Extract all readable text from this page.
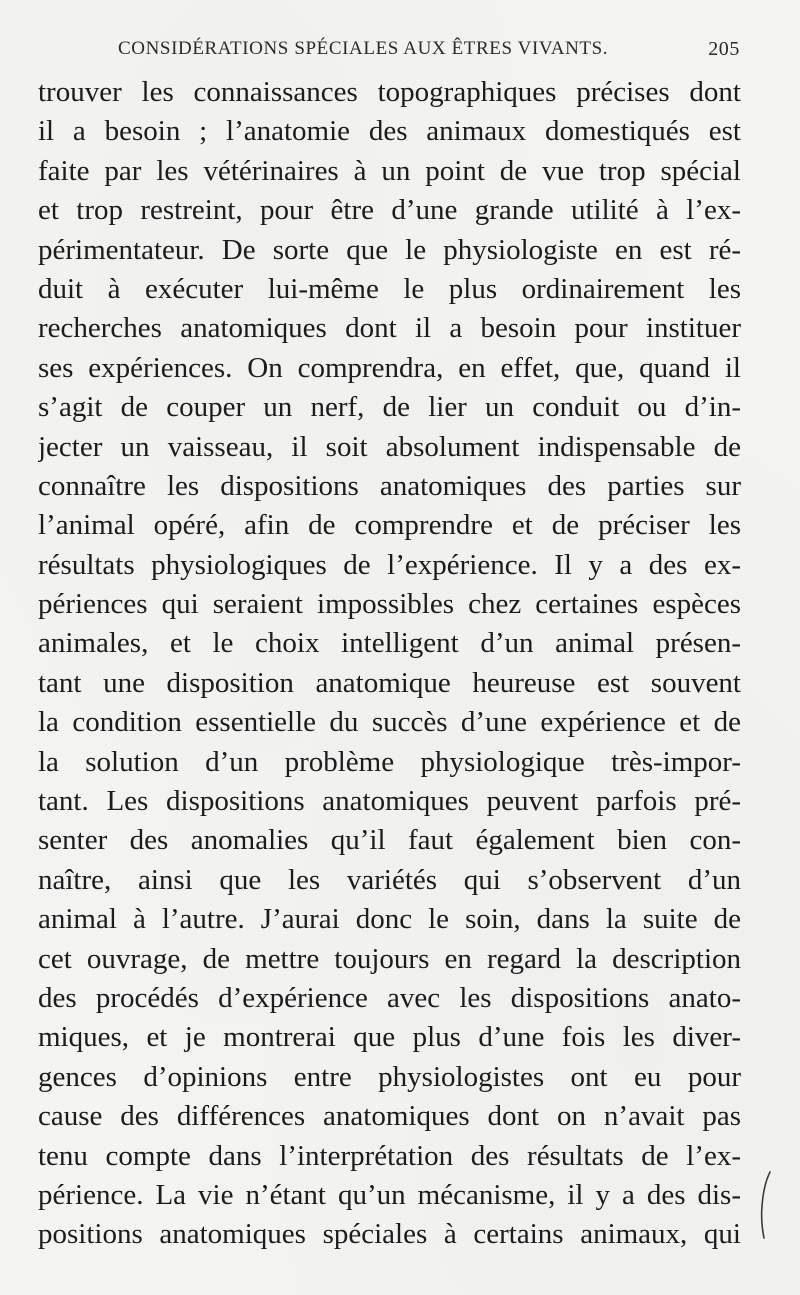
CONSIDÉRATIONS SPÉCIALES AUX ÊTRES VIVANTS.	205
trouver les connaissances topographiques précises dont
il a besoin ; l’anatomie des animaux domestiqués est
faite par les vétérinaires à un point de vue trop spécial
et trop restreint, pour être d’une grande utilité à l’ex-
périmentateur. De sorte que le physiologiste en est ré-
duit à exécuter lui-même le plus ordinairement les
recherches anatomiques dont il a besoin pour instituer
ses expériences. On comprendra, en effet, que, quand il
s’agit de couper un nerf, de lier un conduit ou d’in-
jecter un vaisseau, il soit absolument indispensable de
connaître les dispositions anatomiques des parties sur
l’animal opéré, afin de comprendre et de préciser les
résultats physiologiques de l’expérience. Il y a des ex-
périences qui seraient impossibles chez certaines espèces
animales, et le choix intelligent d’un animal présen-
tant une disposition anatomique heureuse est souvent
la condition essentielle du succès d’une expérience et de
la solution d’un problème physiologique très-impor-
tant. Les dispositions anatomiques peuvent parfois pré-
senter des anomalies qu’il faut également bien con-
naître, ainsi que les variétés qui s’observent d’un
animal à l’autre. J’aurai donc le soin, dans la suite de
cet ouvrage, de mettre toujours en regard la description
des procédés d’expérience avec les dispositions anato-
miques, et je montrerai que plus d’une fois les diver-
gences d’opinions entre physiologistes ont eu pour
cause des différences anatomiques dont on n’avait pas
tenu compte dans l’interprétation des résultats de l’ex-
périence. La vie n’étant qu’un mécanisme, il y a des dis-
positions anatomiques spéciales à certains animaux, qui
